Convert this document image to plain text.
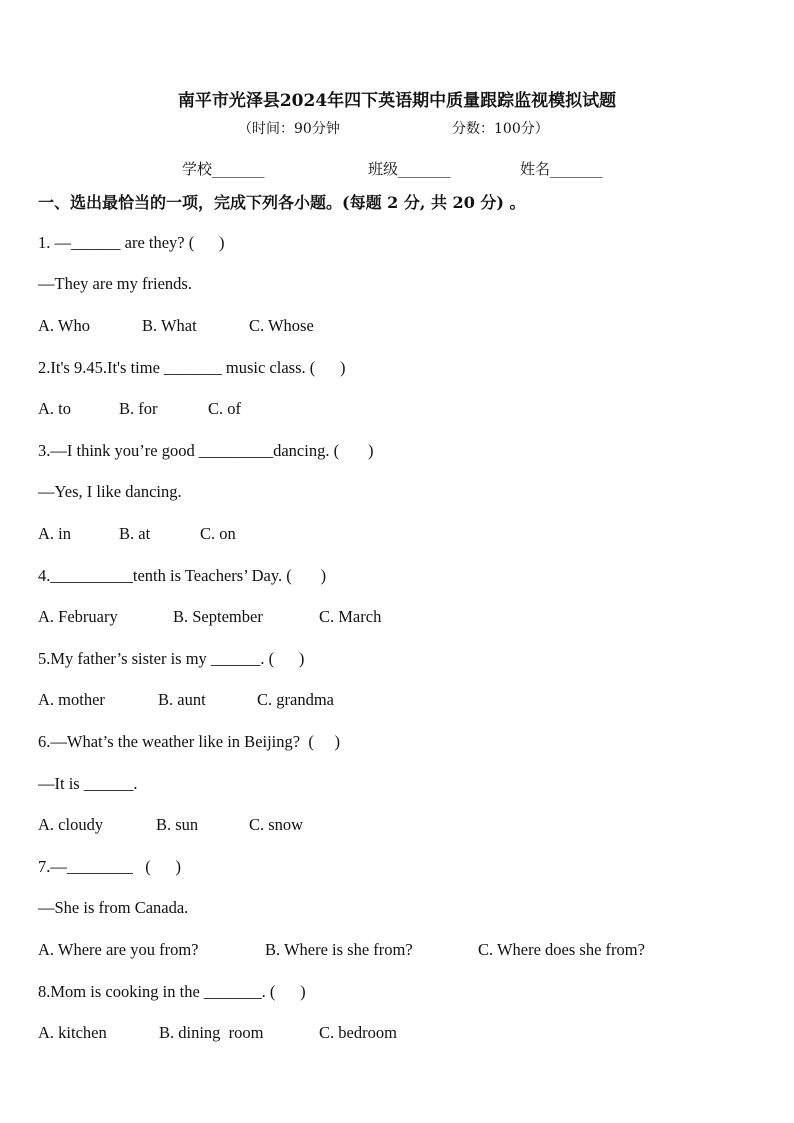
南平市光泽县2024年四下英语期中质量跟踪监视模拟试题
（时间：90分钟	分数：100分）
学校_______	班级_______	姓名_______
一、选出最恰当的一项，完成下列各小题。(每题 2 分, 共 20 分) 。
1. —______ are they? (      )
—They are my friends.
A. Who	B. What	C. Whose
2.It's 9.45.It's time _______ music class. (      )
A. to	B. for	C. of
3.—I think you’re good _________dancing. (       )
—Yes, I like dancing.
A. in	B. at	C. on
4.__________tenth is Teachers’ Day. (       )
A. February	B. September	C. March
5.My father’s sister is my ______. (      )
A. mother	B. aunt	C. grandma
6.—What’s the weather like in Beijing?  (     )
—It is ______.
A. cloudy	B. sun	C. snow
7.—________   (      )
—She is from Canada.
A. Where are you from?	B. Where is she from?	C. Where does she from?
8.Mom is cooking in the _______. (      )
A. kitchen	B. dining  room	C. bedroom
